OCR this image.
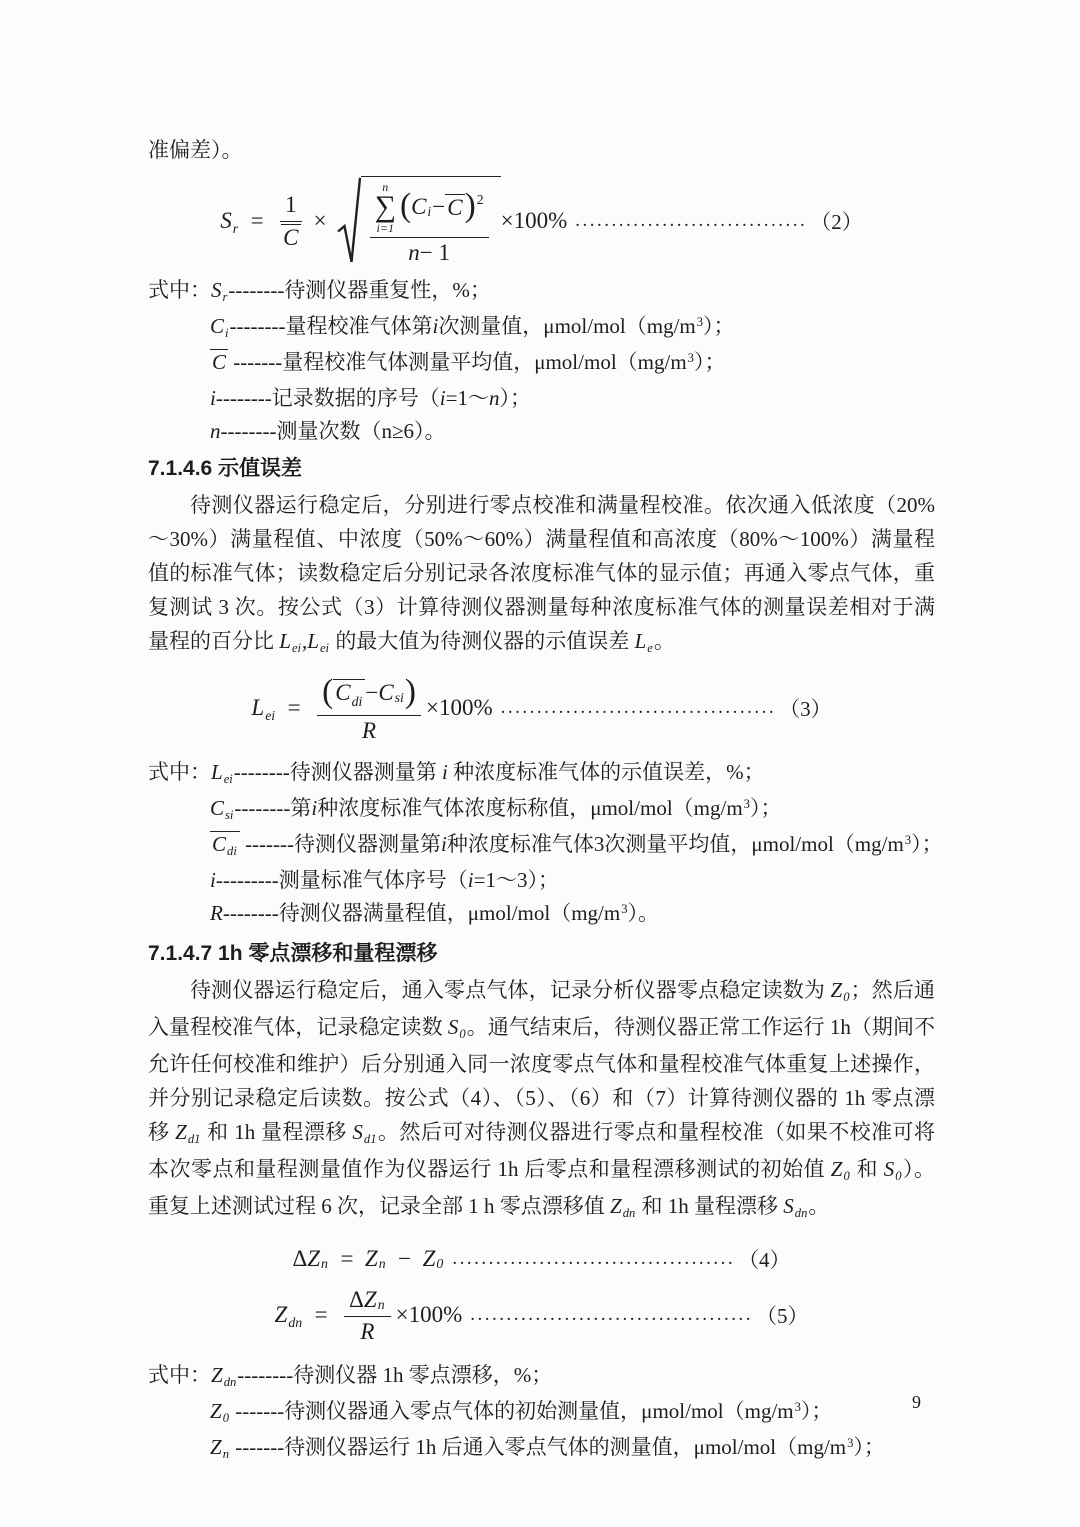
准偏差）。

$S_r$ =  $\frac{1}{C}$ ×	n
∑
i=1
( C i − C ) 2
n − 1 ×100% ................................ （2）
式中：$S_r--------$待测仪器重复性，%；
$C_i--------$量程校准气体第i次测量值，μmol/$mol(mg/m^3)$；
C -------量程校准气体测量平均值，μmol/$mol(mg/m^3)$；
i--------记录数据的序号（i=1～n）；
n--------测量次数（n≥6）。
7.1.4.6 示值误差

待测仪器运行稳定后，分别进行零点校准和满量程校准。依次通入低浓度（20%～30%）满量程值、中浓度（50%～60%）满量程值和高浓度（80%～100%）满量程值的标准气体；读数稳定后分别记录各浓度标准气体的显示值；再通入零点气体，重复测试 3 次。按公式（3）计算待测仪器测量每种浓度标准气体的测量误差相对于满量程的百分比 $L_{ei},L_{ei}$ 的最大值为待测仪器的示值误差 $L_e$。

$L_{ei}$ =  $\frac{( C_{di} - C si )}{R} \times 100\%$ ...................................... （3）
式中：$L_{ei}--------$待测仪器测量第 i 种浓度标准气体的示值误差，%；
$C_{si}--------$第i种浓度标准气体浓度标称值，μmol/$mol(mg/m^3)$；
$C_{di}$ -------待测仪器测量第i种浓度标准气体3次测量平均值，μmol/$mol(mg/m^3)$；
i---------测量标准气体序号（i=1～3）；
R--------待测仪器满量程值，μmol/$mol(mg/m^3)$。
7.1.4.7 1h 零点漂移和量程漂移

待测仪器运行稳定后，通入零点气体，记录分析仪器零点稳定读数为 $Z_0$；然后通入量程校准气体，记录稳定读数 $S_0$。通气结束后，待测仪器正常工作运行 1h（期间不允许任何校准和维护）后分别通入同一浓度零点气体和量程校准气体重复上述操作，并分别记录稳定后读数。按公式（4）、（5）、（6）和（7）计算待测仪器的 1h 零点漂移 $Z_{d1}$ 和 1h 量程漂移 $S_{d1}$。然后可对待测仪器进行零点和量程校准（如果不校准可将本次零点和量程测量值作为仪器运行 1h 后零点和量程漂移测试的初始值 $Z_0$ 和 $S_0$）。重复上述测试过程 6 次，记录全部 1 h 零点漂移值 $Z_{dn}$ 和 1h 量程漂移 $S_{dn}$。

Δ Z n  =  Z n  −  Z 0 ....................................... （4）
$Z_{dn}$ =  $\frac{\text{Δ Z n}}{R} \times 100\%$ ....................................... （5）
式中：$Z_{dn}--------$待测仪器 1h 零点漂移，%；
$Z_0$ -------待测仪器通入零点气体的初始测量值，μmol/$mol(mg/m^3)$；
$Z_n$ -------待测仪器运行 1h 后通入零点气体的测量值，μmol/$mol(mg/m^3)$；
9
